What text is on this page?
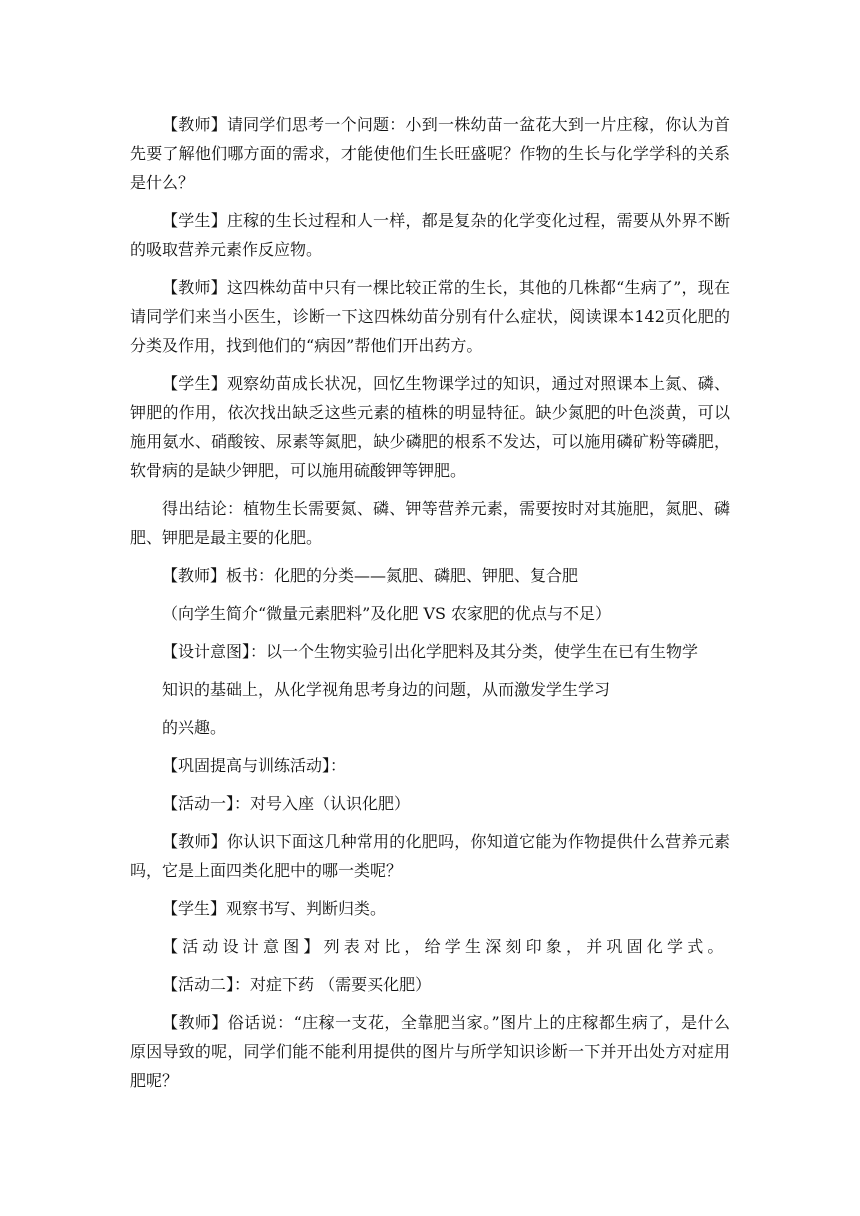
【教师】请同学们思考一个问题：小到一株幼苗一盆花大到一片庄稼，你认为首先要了解他们哪方面的需求，才能使他们生长旺盛呢？作物的生长与化学学科的关系是什么？

【学生】庄稼的生长过程和人一样，都是复杂的化学变化过程，需要从外界不断的吸取营养元素作反应物。

【教师】这四株幼苗中只有一棵比较正常的生长，其他的几株都“生病了”，现在请同学们来当小医生，诊断一下这四株幼苗分别有什么症状，阅读课本142页化肥的分类及作用，找到他们的“病因”帮他们开出药方。

【学生】观察幼苗成长状况，回忆生物课学过的知识，通过对照课本上氮、磷、钾肥的作用，依次找出缺乏这些元素的植株的明显特征。缺少氮肥的叶色淡黄，可以施用氨水、硝酸铵、尿素等氮肥，缺少磷肥的根系不发达，可以施用磷矿粉等磷肥，软骨病的是缺少钾肥，可以施用硫酸钾等钾肥。

得出结论：植物生长需要氮、磷、钾等营养元素，需要按时对其施肥，氮肥、磷肥、钾肥是最主要的化肥。

【教师】板书：化肥的分类——氮肥、磷肥、钾肥、复合肥

（向学生简介“微量元素肥料”及化肥 VS 农家肥的优点与不足）

【设计意图】：以一个生物实验引出化学肥料及其分类，使学生在已有生物学

知识的基础上，从化学视角思考身边的问题，从而激发学生学习

的兴趣。

【巩固提高与训练活动】：

【活动一】：对号入座（认识化肥）

【教师】你认识下面这几种常用的化肥吗，你知道它能为作物提供什么营养元素吗，它是上面四类化肥中的哪一类呢？

【学生】观察书写、判断归类。

【活动设计意图】列表对比，给学生深刻印象，并巩固化学式。

【活动二】：对症下药 （需要买化肥）

【教师】俗话说：“庄稼一支花，全靠肥当家。”图片上的庄稼都生病了，是什么原因导致的呢，同学们能不能利用提供的图片与所学知识诊断一下并开出处方对症用肥呢？
